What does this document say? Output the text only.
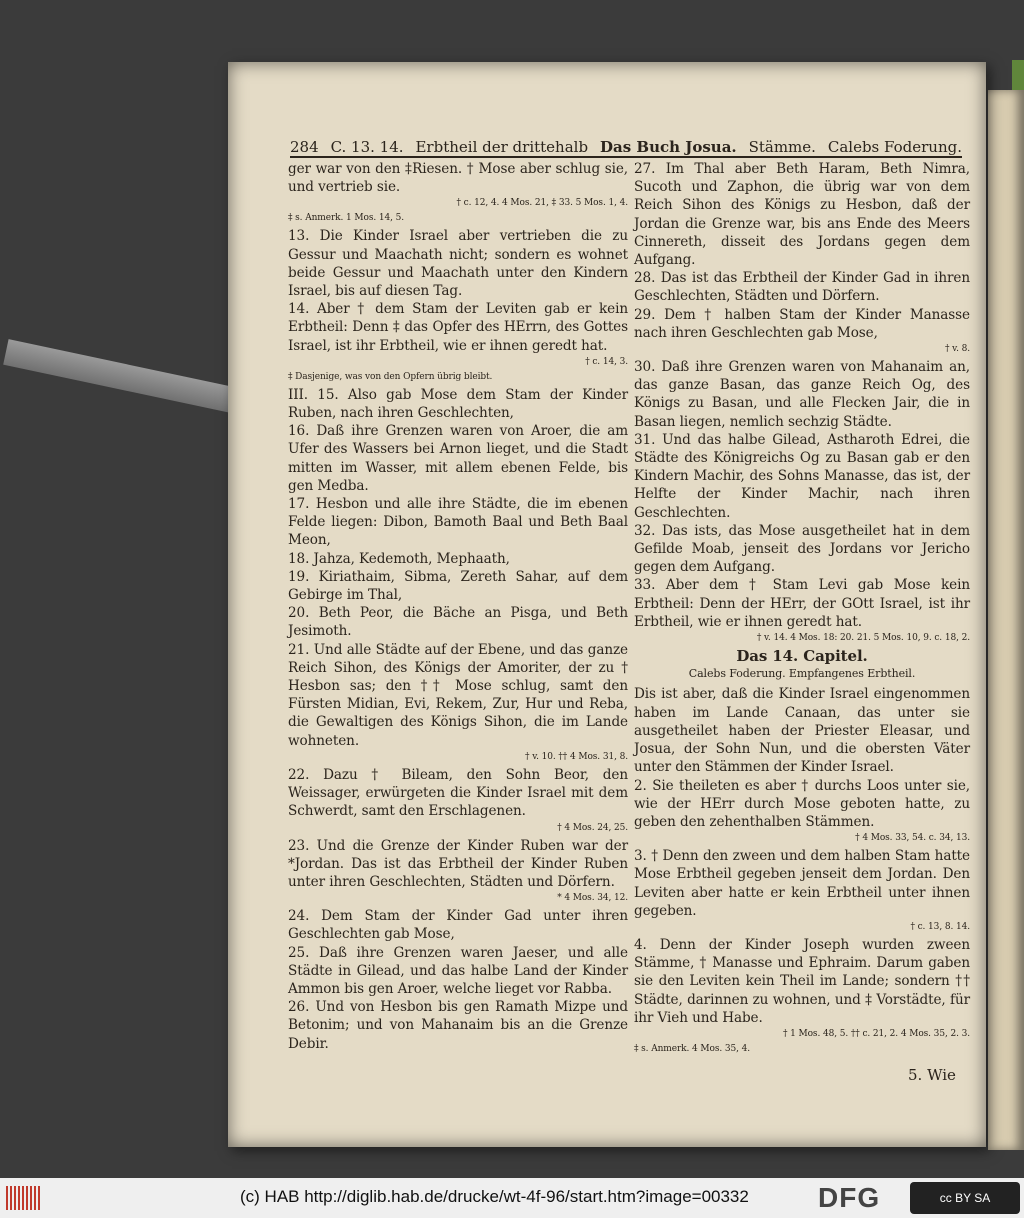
284 C. 13. 14. Erbtheil der drittehalb Das Buch Josua. Stämme. Calebs Foderung.

ger war von den ‡Riesen. † Mose aber schlug sie, und vertrieb sie.

† c. 12, 4. 4 Mos. 21, ‡ 33. 5 Mos. 1, 4.

‡ s. Anmerk. 1 Mos. 14, 5.

13. Die Kinder Israel aber vertrieben die zu Gessur und Maachath nicht; sondern es wohnet beide Gessur und Maachath unter den Kindern Israel, bis auf diesen Tag.

14. Aber † dem Stam der Leviten gab er kein Erbtheil: Denn ‡ das Opfer des HErrn, des Gottes Israel, ist ihr Erbtheil, wie er ihnen geredt hat.

† c. 14, 3.

‡ Dasjenige, was von den Opfern übrig bleibt.

III. 15. Also gab Mose dem Stam der Kinder Ruben, nach ihren Geschlechten,

16. Daß ihre Grenzen waren von Aroer, die am Ufer des Wassers bei Arnon lieget, und die Stadt mitten im Wasser, mit allem ebenen Felde, bis gen Medba.

17. Hesbon und alle ihre Städte, die im ebenen Felde liegen: Dibon, Bamoth Baal und Beth Baal Meon,

18. Jahza, Kedemoth, Mephaath,

19. Kiriathaim, Sibma, Zereth Sahar, auf dem Gebirge im Thal,

20. Beth Peor, die Bäche an Pisga, und Beth Jesimoth.

21. Und alle Städte auf der Ebene, und das ganze Reich Sihon, des Königs der Amoriter, der zu † Hesbon sas; den †† Mose schlug, samt den Fürsten Midian, Evi, Rekem, Zur, Hur und Reba, die Gewaltigen des Königs Sihon, die im Lande wohneten.

† v. 10. †† 4 Mos. 31, 8.

22. Dazu † Bileam, den Sohn Beor, den Weissager, erwürgeten die Kinder Israel mit dem Schwerdt, samt den Erschlagenen.

† 4 Mos. 24, 25.

23. Und die Grenze der Kinder Ruben war der *Jordan. Das ist das Erbtheil der Kinder Ruben unter ihren Geschlechten, Städten und Dörfern.

* 4 Mos. 34, 12.

24. Dem Stam der Kinder Gad unter ihren Geschlechten gab Mose,

25. Daß ihre Grenzen waren Jaeser, und alle Städte in Gilead, und das halbe Land der Kinder Ammon bis gen Aroer, welche lieget vor Rabba.

26. Und von Hesbon bis gen Ramath Mizpe und Betonim; und von Mahanaim bis an die Grenze Debir.

27. Im Thal aber Beth Haram, Beth Nimra, Sucoth und Zaphon, die übrig war von dem Reich Sihon des Königs zu Hesbon, daß der Jordan die Grenze war, bis ans Ende des Meers Cinnereth, disseit des Jordans gegen dem Aufgang.

28. Das ist das Erbtheil der Kinder Gad in ihren Geschlechten, Städten und Dörfern.

29. Dem † halben Stam der Kinder Manasse nach ihren Geschlechten gab Mose,

† v. 8.

30. Daß ihre Grenzen waren von Mahanaim an, das ganze Basan, das ganze Reich Og, des Königs zu Basan, und alle Flecken Jair, die in Basan liegen, nemlich sechzig Städte.

31. Und das halbe Gilead, Astharoth Edrei, die Städte des Königreichs Og zu Basan gab er den Kindern Machir, des Sohns Manasse, das ist, der Helfte der Kinder Machir, nach ihren Geschlechten.

32. Das ists, das Mose ausgetheilet hat in dem Gefilde Moab, jenseit des Jordans vor Jericho gegen dem Aufgang.

33. Aber dem † Stam Levi gab Mose kein Erbtheil: Denn der HErr, der GOtt Israel, ist ihr Erbtheil, wie er ihnen geredt hat.

† v. 14. 4 Mos. 18: 20. 21. 5 Mos. 10, 9. c. 18, 2.

Das 14. Capitel.

Calebs Foderung. Empfangenes Erbtheil.

Dis ist aber, daß die Kinder Israel eingenommen haben im Lande Canaan, das unter sie ausgetheilet haben der Priester Eleasar, und Josua, der Sohn Nun, und die obersten Väter unter den Stämmen der Kinder Israel.

2. Sie theileten es aber † durchs Loos unter sie, wie der HErr durch Mose geboten hatte, zu geben den zehenthalben Stämmen.

† 4 Mos. 33, 54. c. 34, 13.

3. † Denn den zween und dem halben Stam hatte Mose Erbtheil gegeben jenseit dem Jordan. Den Leviten aber hatte er kein Erbtheil unter ihnen gegeben.

† c. 13, 8. 14.

4. Denn der Kinder Joseph wurden zween Stämme, † Manasse und Ephraim. Darum gaben sie den Leviten kein Theil im Lande; sondern †† Städte, darinnen zu wohnen, und ‡ Vorstädte, für ihr Vieh und Habe.

† 1 Mos. 48, 5. †† c. 21, 2. 4 Mos. 35, 2. 3.

‡ s. Anmerk. 4 Mos. 35, 4.

5. Wie
(c) HAB http://diglib.hab.de/drucke/wt-4f-96/start.htm?image=00332 DFG	cc BY SA
